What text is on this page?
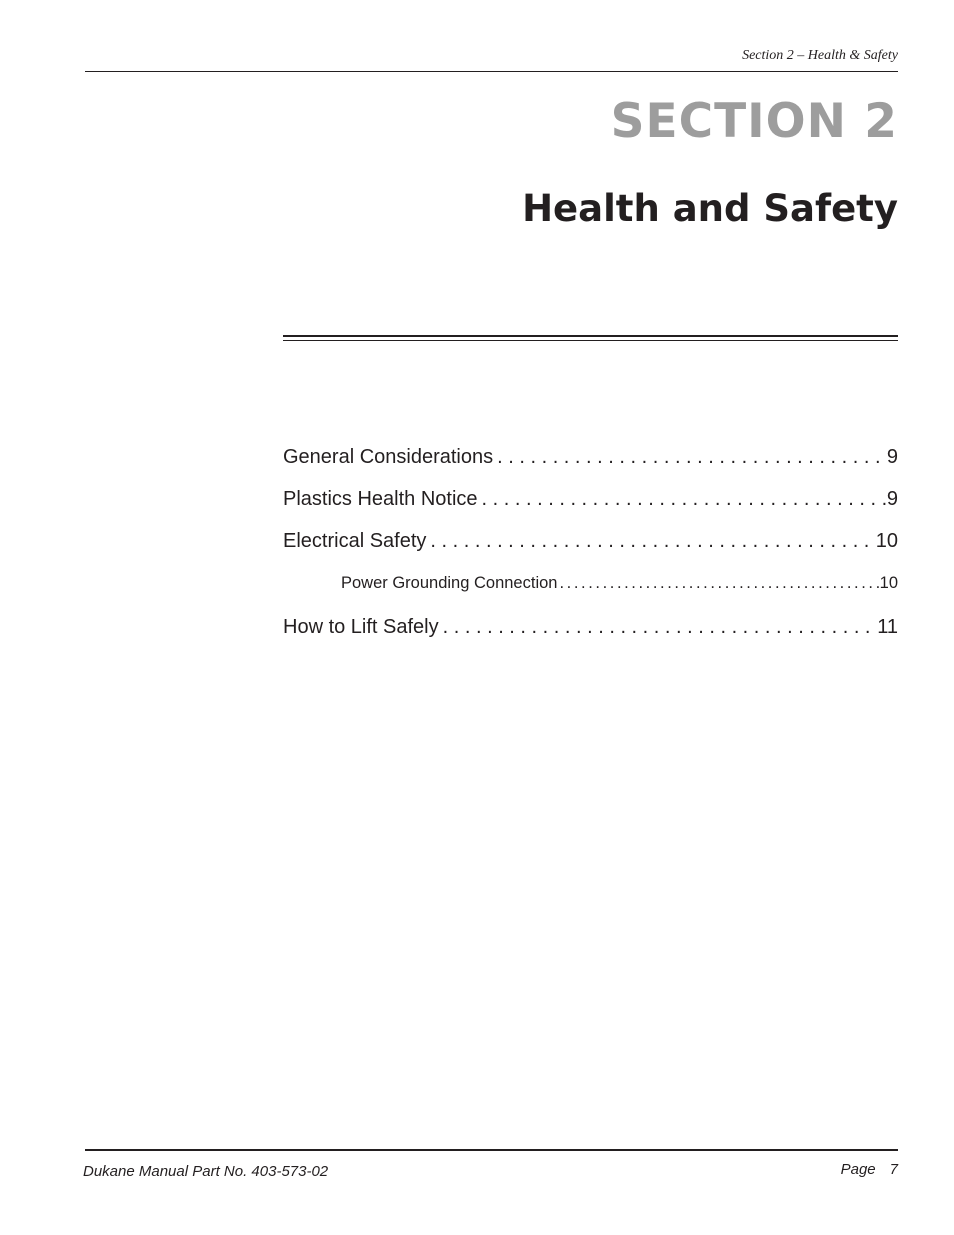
Section 2 – Health & Safety
SECTION 2
Health and Safety
General Considerations . . .	9
Plastics Health Notice . . .	9
Electrical Safety . . .	10
Power Grounding Connection .....	10
How to Lift Safely . . .	11
Dukane Manual Part No. 403-573-02	Page 7
